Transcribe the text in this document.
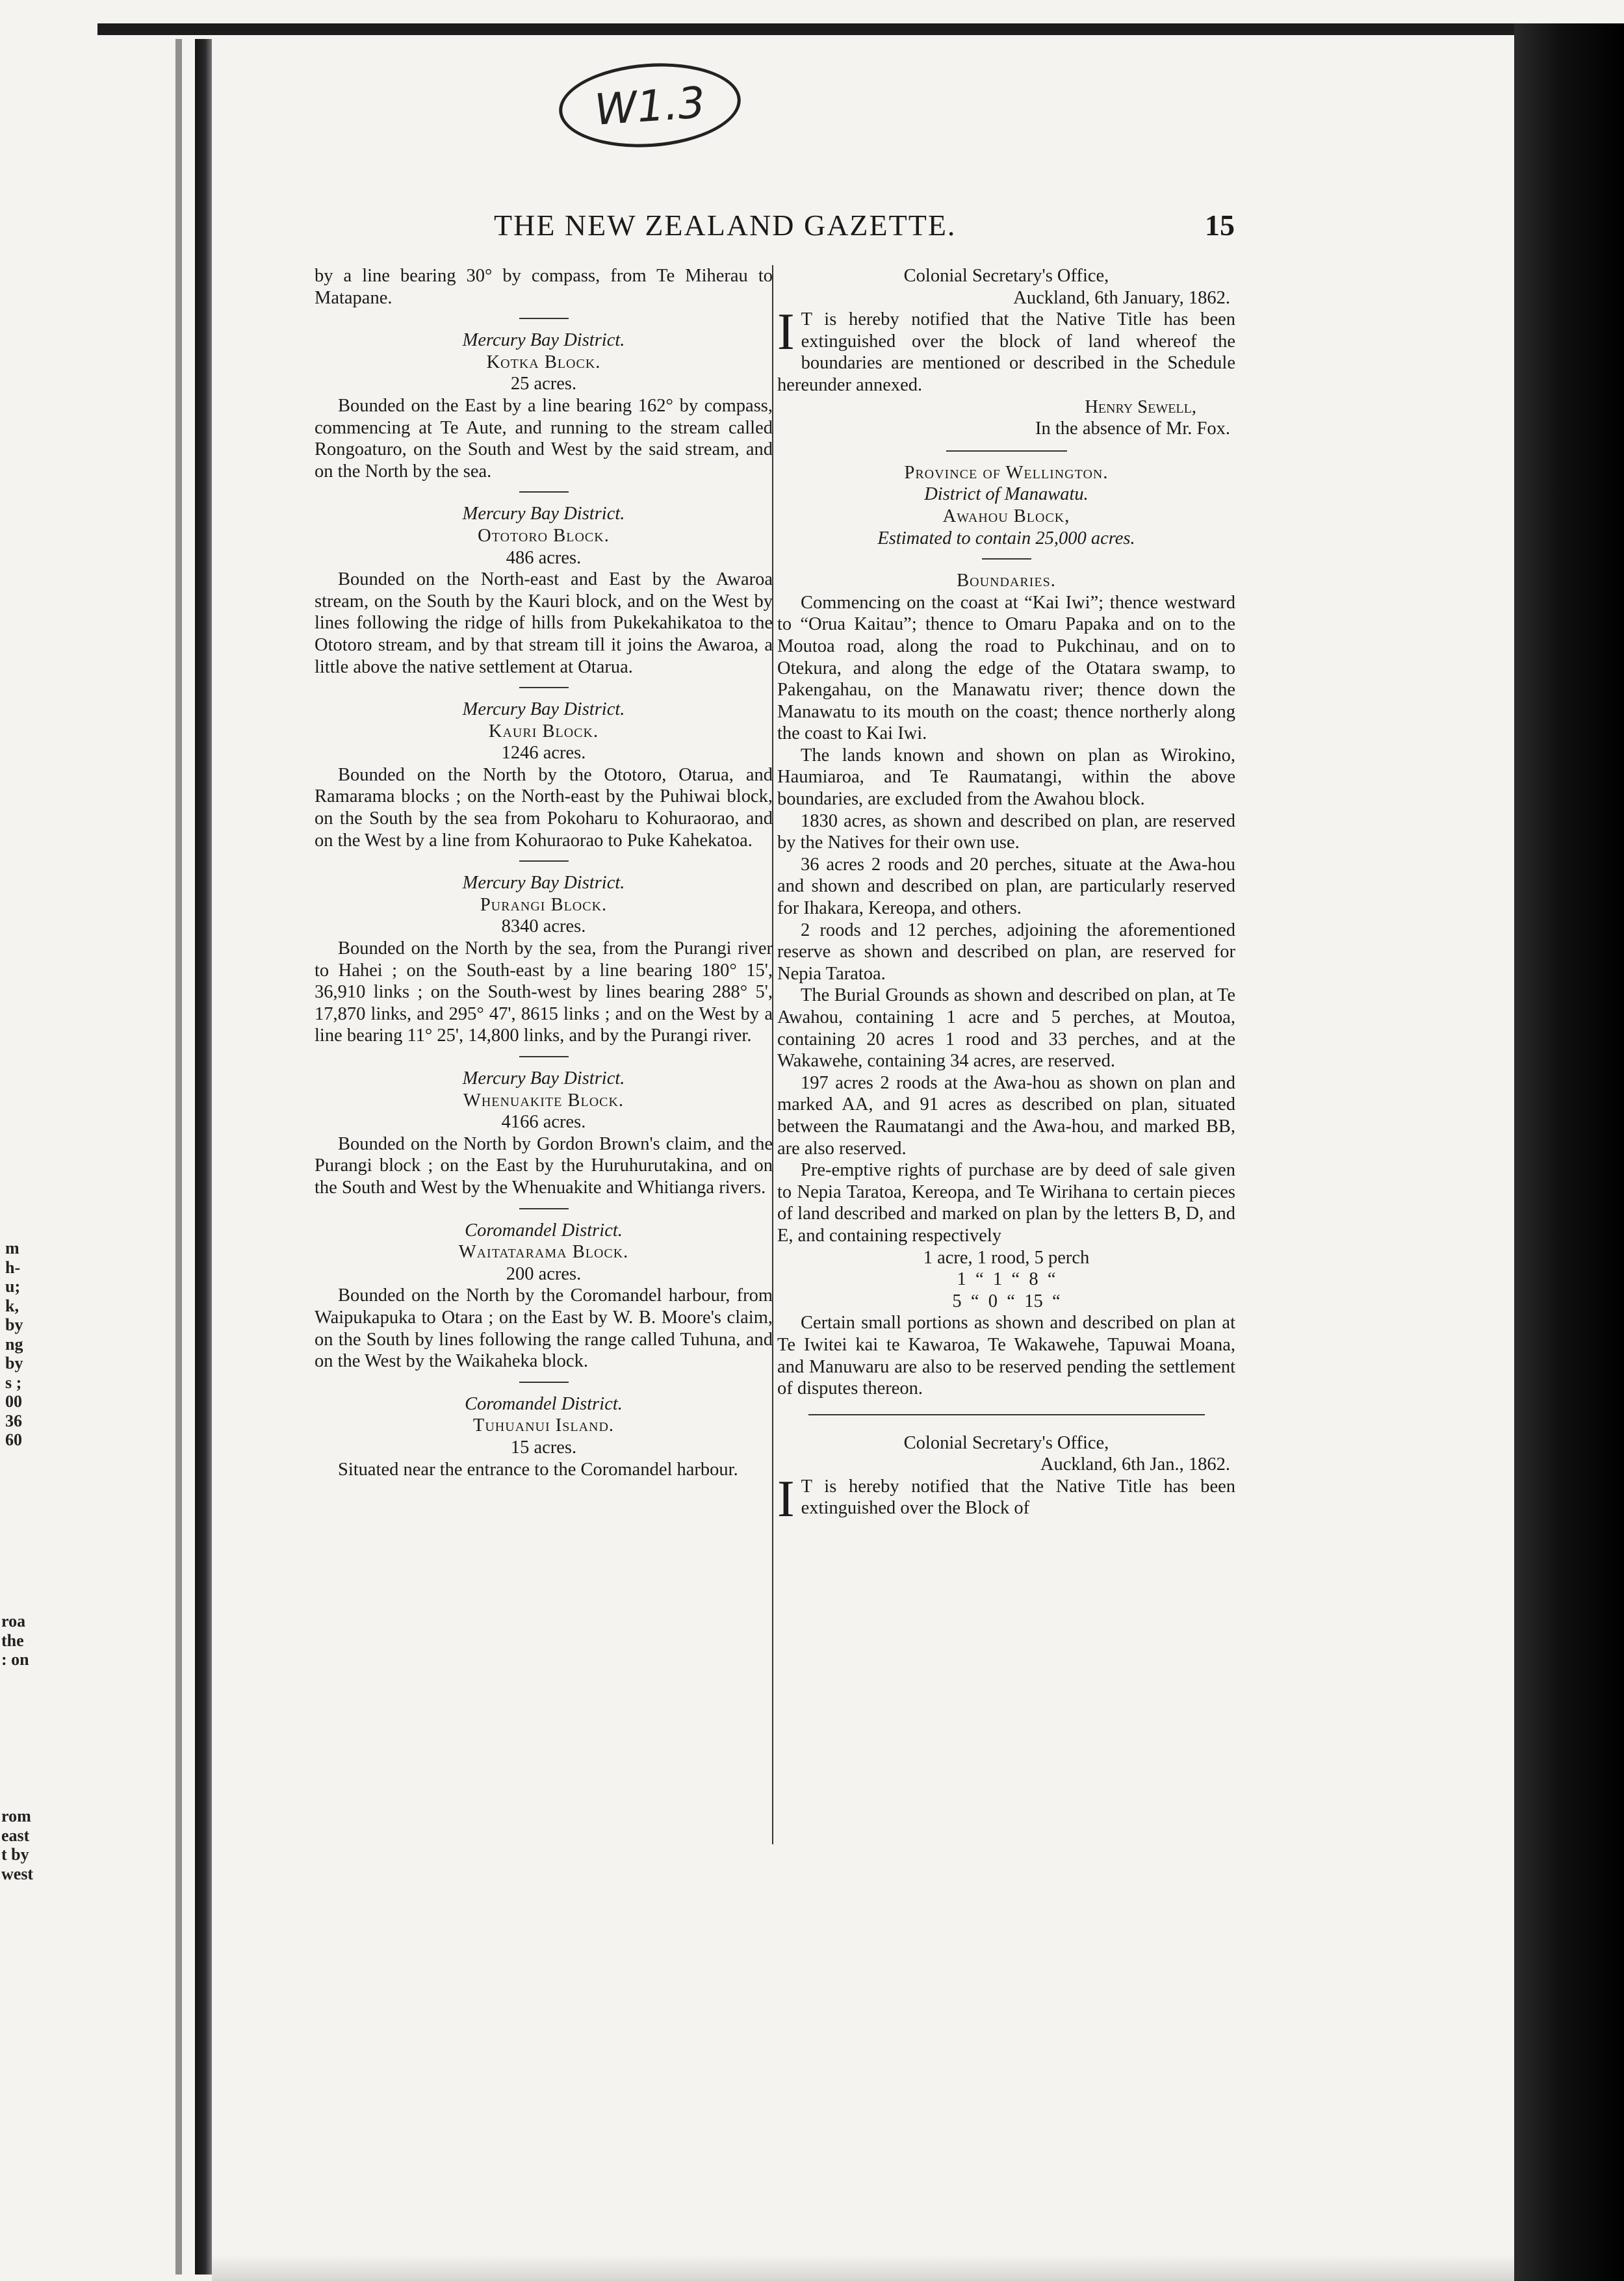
W1.3
m
h-
u;
k,
by
ng
by
s ;
00
36
60
roa
the
: on
rom
east
t by
west
THE NEW ZEALAND GAZETTE.	15

by a line bearing 30° by compass, from Te Miherau to Matapane.

Mercury Bay District.

Kotka Block.

25 acres.

Bounded on the East by a line bearing 162° by compass, commencing at Te Aute, and running to the stream called Rongoaturo, on the South and West by the said stream, and on the North by the sea.

Mercury Bay District.

Ototoro Block.

486 acres.

Bounded on the North-east and East by the Awaroa stream, on the South by the Kauri block, and on the West by lines following the ridge of hills from Pukekahikatoa to the Ototoro stream, and by that stream till it joins the Awaroa, a little above the native settlement at Otarua.

Mercury Bay District.

Kauri Block.

1246 acres.

Bounded on the North by the Ototoro, Otarua, and Ramarama blocks ; on the North-east by the Puhiwai block, on the South by the sea from Pokoharu to Kohuraorao, and on the West by a line from Kohuraorao to Puke Kahekatoa.

Mercury Bay District.

Purangi Block.

8340 acres.

Bounded on the North by the sea, from the Purangi river to Hahei ; on the South-east by a line bearing 180° 15', 36,910 links ; on the South-west by lines bearing 288° 5', 17,870 links, and 295° 47', 8615 links ; and on the West by a line bearing 11° 25', 14,800 links, and by the Purangi river.

Mercury Bay District.

Whenuakite Block.

4166 acres.

Bounded on the North by Gordon Brown's claim, and the Purangi block ; on the East by the Huruhurutakina, and on the South and West by the Whenuakite and Whitianga rivers.

Coromandel District.

Waitatarama Block.

200 acres.

Bounded on the North by the Coromandel harbour, from Waipukapuka to Otara ; on the East by W. B. Moore's claim, on the South by lines following the range called Tuhuna, and on the West by the Waikaheka block.

Coromandel District.

Tuhuanui Island.

15 acres.

Situated near the entrance to the Coromandel harbour.

Colonial Secretary's Office,

Auckland, 6th January, 1862.

I T is hereby notified that the Native Title has been extinguished over the block of land whereof the boundaries are mentioned or described in the Schedule hereunder annexed.

Henry Sewell,

In the absence of Mr. Fox.

Province of Wellington.

District of Manawatu.

Awahou Block,

Estimated to contain 25,000 acres.

Boundaries.

Commencing on the coast at “Kai Iwi”; thence westward to “Orua Kaitau”; thence to Omaru Papaka and on to the Moutoa road, along the road to Pukchinau, and on to Otekura, and along the edge of the Otatara swamp, to Pakengahau, on the Manawatu river; thence down the Manawatu to its mouth on the coast; thence northerly along the coast to Kai Iwi.

The lands known and shown on plan as Wirokino, Haumiaroa, and Te Raumatangi, within the above boundaries, are excluded from the Awahou block.

1830 acres, as shown and described on plan, are reserved by the Natives for their own use.

36 acres 2 roods and 20 perches, situate at the Awa-hou and shown and described on plan, are particularly reserved for Ihakara, Kereopa, and others.

2 roods and 12 perches, adjoining the aforementioned reserve as shown and described on plan, are reserved for Nepia Taratoa.

The Burial Grounds as shown and described on plan, at Te Awahou, containing 1 acre and 5 perches, at Moutoa, containing 20 acres 1 rood and 33 perches, and at the Wakawehe, containing 34 acres, are reserved.

197 acres 2 roods at the Awa-hou as shown on plan and marked AA, and 91 acres as described on plan, situated between the Raumatangi and the Awa-hou, and marked BB, are also reserved.

Pre-emptive rights of purchase are by deed of sale given to Nepia Taratoa, Kereopa, and Te Wirihana to certain pieces of land described and marked on plan by the letters B, D, and E, and containing respectively

1 acre, 1 rood, 5 perch
1  “  1  “  8  “
5  “  0  “  15  “

Certain small portions as shown and described on plan at Te Iwitei kai te Kawaroa, Te Wakawehe, Tapuwai Moana, and Manuwaru are also to be reserved pending the settlement of disputes thereon.

Colonial Secretary's Office,

Auckland, 6th Jan., 1862.

I T is hereby notified that the Native Title has been extinguished over the Block of
